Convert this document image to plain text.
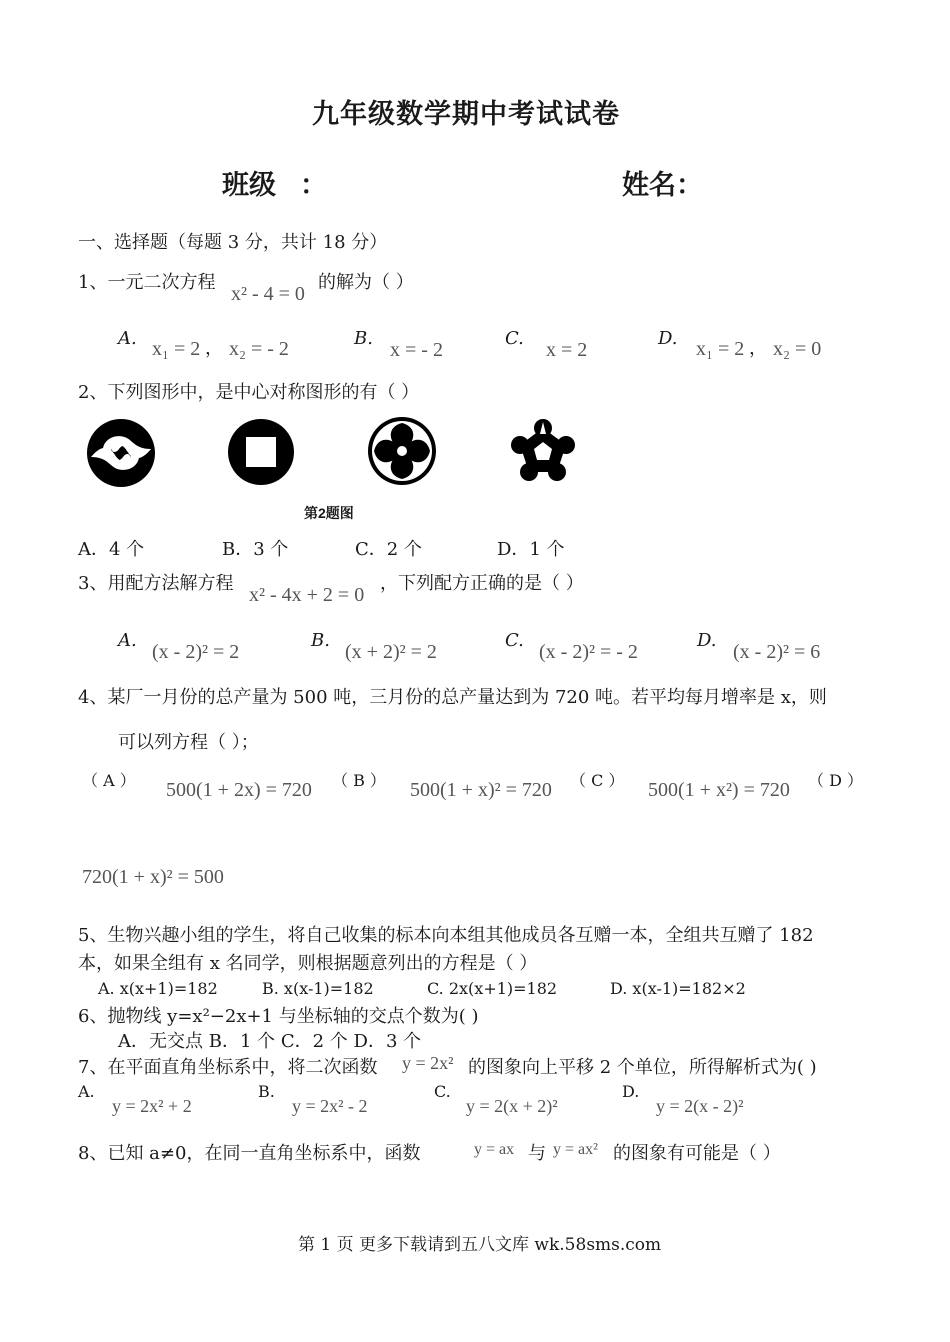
九年级数学期中考试试卷
班级 ：	姓名：
一、选择题（每题 3 分，共计 18 分）
1、一元二次方程
x² - 4 = 0
的解为（ ）
A. x₁ = 2 ， x₂ = - 2	B.
x = - 2
C.
x = 2
D. x₁ = 2 ， x₂ = 0
2、下列图形中，是中心对称图形的有（ ）
第2题图
A．4 个	B．3 个	C．2 个	D．1 个
3、用配方法解方程
x² - 4x + 2 = 0
，下列配方正确的是（ ）
A.
(x - 2)² = 2
B.
(x + 2)² = 2
C.
(x - 2)² = - 2
D.
(x - 2)² = 6
4、某厂一月份的总产量为 500 吨，三月份的总产量达到为 720 吨。若平均每月增率是 x，则
可以列方程（ ）；
（ A ） 500(1 + 2x) = 720 （ B ） 500(1 + x)² = 720 （ C ） 500(1 + x²) = 720 （ D ）
720(1 + x)² = 500
5、生物兴趣小组的学生，将自己收集的标本向本组其他成员各互赠一本，全组共互赠了 182
本，如果全组有 x 名同学，则根据题意列出的方程是（ ）
A. x(x+1)=182	B. x(x-1)=182	C. 2x(x+1)=182	D. x(x-1)=182×2
6、抛物线 y=x²−2x+1 与坐标轴的交点个数为( )
A．无交点 B．1 个 C．2 个 D．3 个
7、在平面直角坐标系中，将二次函数 y = 2x² 的图象向上平移 2 个单位，所得解析式为( )
A.
y = 2x² + 2
B.
y = 2x² - 2
C.
y = 2(x + 2)²
D.
y = 2(x - 2)²
8、已知 a≠0，在同一直角坐标系中，函数	y = ax 与 y = ax² 的图象有可能是（ ）
第 1 页 更多下载请到五八文库 wk.58sms.com
